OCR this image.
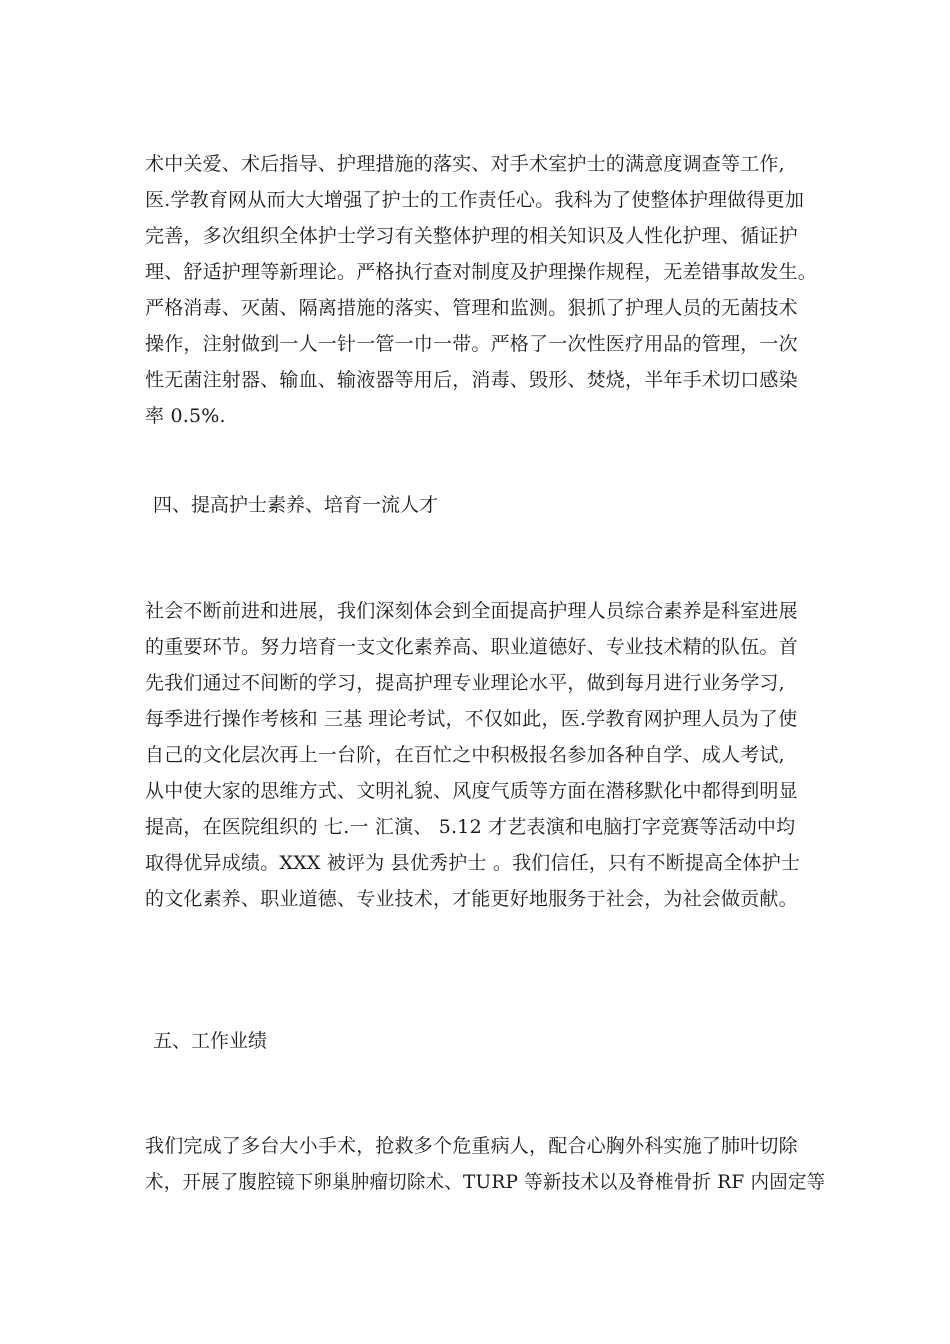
术中关爱、术后指导、护理措施的落实、对手术室护士的满意度调查等工作,
医.学教育网从而大大增强了护士的工作责任心。我科为了使整体护理做得更加
完善，多次组织全体护士学习有关整体护理的相关知识及人性化护理、循证护
理、舒适护理等新理论。严格执行查对制度及护理操作规程，无差错事故发生。
严格消毒、灭菌、隔离措施的落实、管理和监测。狠抓了护理人员的无菌技术
操作，注射做到一人一针一管一巾一带。严格了一次性医疗用品的管理，一次
性无菌注射器、输血、输液器等用后，消毒、毁形、焚烧，半年手术切口感染
率 0.5%.
四、提高护士素养、培育一流人才
社会不断前进和进展，我们深刻体会到全面提高护理人员综合素养是科室进展
的重要环节。努力培育一支文化素养高、职业道德好、专业技术精的队伍。首
先我们通过不间断的学习，提高护理专业理论水平，做到每月进行业务学习,
每季进行操作考核和 三基 理论考试，不仅如此，医.学教育网护理人员为了使
自己的文化层次再上一台阶，在百忙之中积极报名参加各种自学、成人考试,
从中使大家的思维方式、文明礼貌、风度气质等方面在潜移默化中都得到明显
提高，在医院组织的 七.一 汇演、 5.12 才艺表演和电脑打字竞赛等活动中均
取得优异成绩。XXX 被评为 县优秀护士 。我们信任，只有不断提高全体护士
的文化素养、职业道德、专业技术，才能更好地服务于社会，为社会做贡献。
五、工作业绩
我们完成了多台大小手术，抢救多个危重病人，配合心胸外科实施了肺叶切除
术，开展了腹腔镜下卵巢肿瘤切除术、TURP 等新技术以及脊椎骨折 RF 内固定等
